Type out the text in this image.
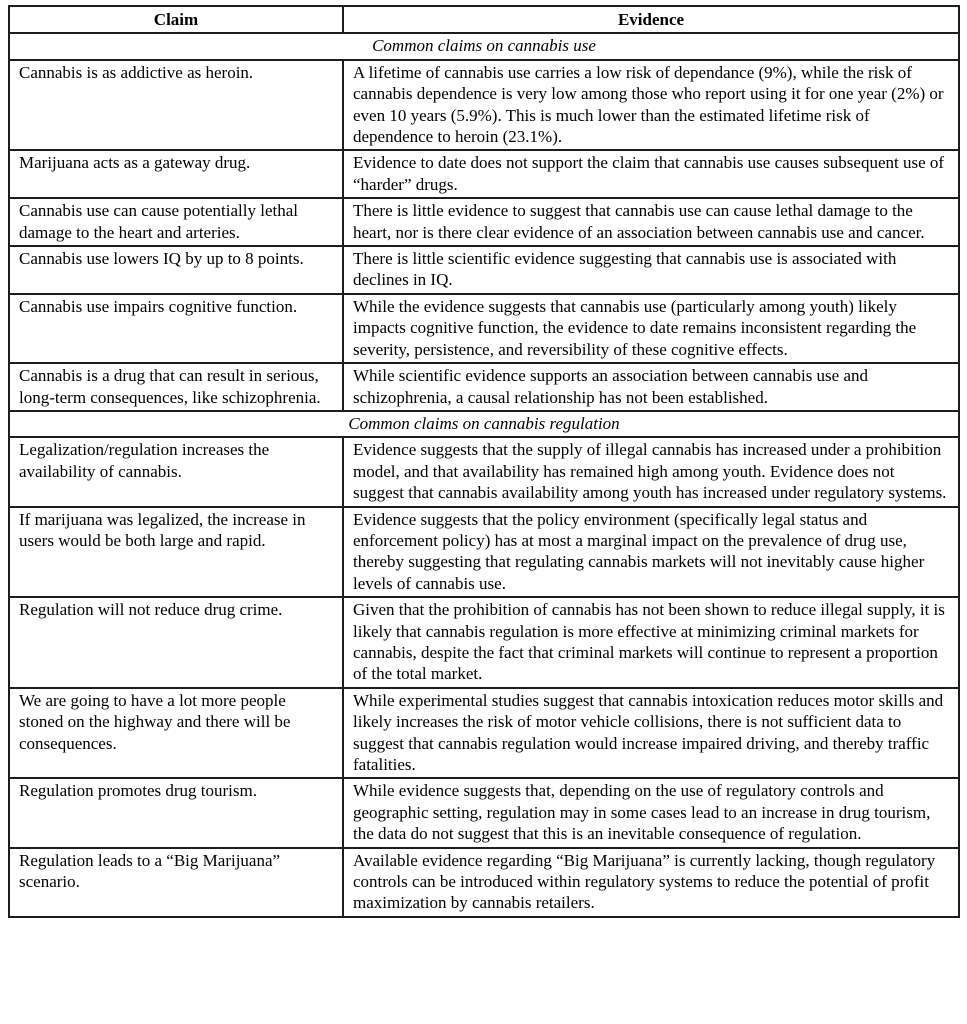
Claim	Evidence
Common claims on cannabis use	
Cannabis is as addictive as heroin.	A lifetime of cannabis use carries a low risk of dependance (9%), while the risk of cannabis dependence is very low among those who report using it for one year (2%) or even 10 years (5.9%). This is much lower than the estimated lifetime risk of dependence to heroin (23.1%).
Marijuana acts as a gateway drug.	Evidence to date does not support the claim that cannabis use causes subsequent use of “harder” drugs.
Cannabis use can cause potentially lethal damage to the heart and arteries.	There is little evidence to suggest that cannabis use can cause lethal damage to the heart, nor is there clear evidence of an association between cannabis use and cancer.
Cannabis use lowers IQ by up to 8 points.	There is little scientific evidence suggesting that cannabis use is associated with declines in IQ.
Cannabis use impairs cognitive function.	While the evidence suggests that cannabis use (particularly among youth) likely impacts cognitive function, the evidence to date remains inconsistent regarding the severity, persistence, and reversibility of these cognitive effects.
Cannabis is a drug that can result in serious, long-term consequences, like schizophrenia.	While scientific evidence supports an association between cannabis use and schizophrenia, a causal relationship has not been established.
Common claims on cannabis regulation	
Legalization/regulation increases the availability of cannabis.	Evidence suggests that the supply of illegal cannabis has increased under a prohibition model, and that availability has remained high among youth. Evidence does not suggest that cannabis availability among youth has increased under regulatory systems.
If marijuana was legalized, the increase in users would be both large and rapid.	Evidence suggests that the policy environment (specifically legal status and enforcement policy) has at most a marginal impact on the prevalence of drug use, thereby suggesting that regulating cannabis markets will not inevitably cause higher levels of cannabis use.
Regulation will not reduce drug crime.	Given that the prohibition of cannabis has not been shown to reduce illegal supply, it is likely that cannabis regulation is more effective at minimizing criminal markets for cannabis, despite the fact that criminal markets will continue to represent a proportion of the total market.
We are going to have a lot more people stoned on the highway and there will be consequences.	While experimental studies suggest that cannabis intoxication reduces motor skills and likely increases the risk of motor vehicle collisions, there is not sufficient data to suggest that cannabis regulation would increase impaired driving, and thereby traffic fatalities.
Regulation promotes drug tourism.	While evidence suggests that, depending on the use of regulatory controls and geographic setting, regulation may in some cases lead to an increase in drug tourism, the data do not suggest that this is an inevitable consequence of regulation.
Regulation leads to a “Big Marijuana” scenario.	Available evidence regarding “Big Marijuana” is currently lacking, though regulatory controls can be introduced within regulatory systems to reduce the potential of profit maximization by cannabis retailers.
